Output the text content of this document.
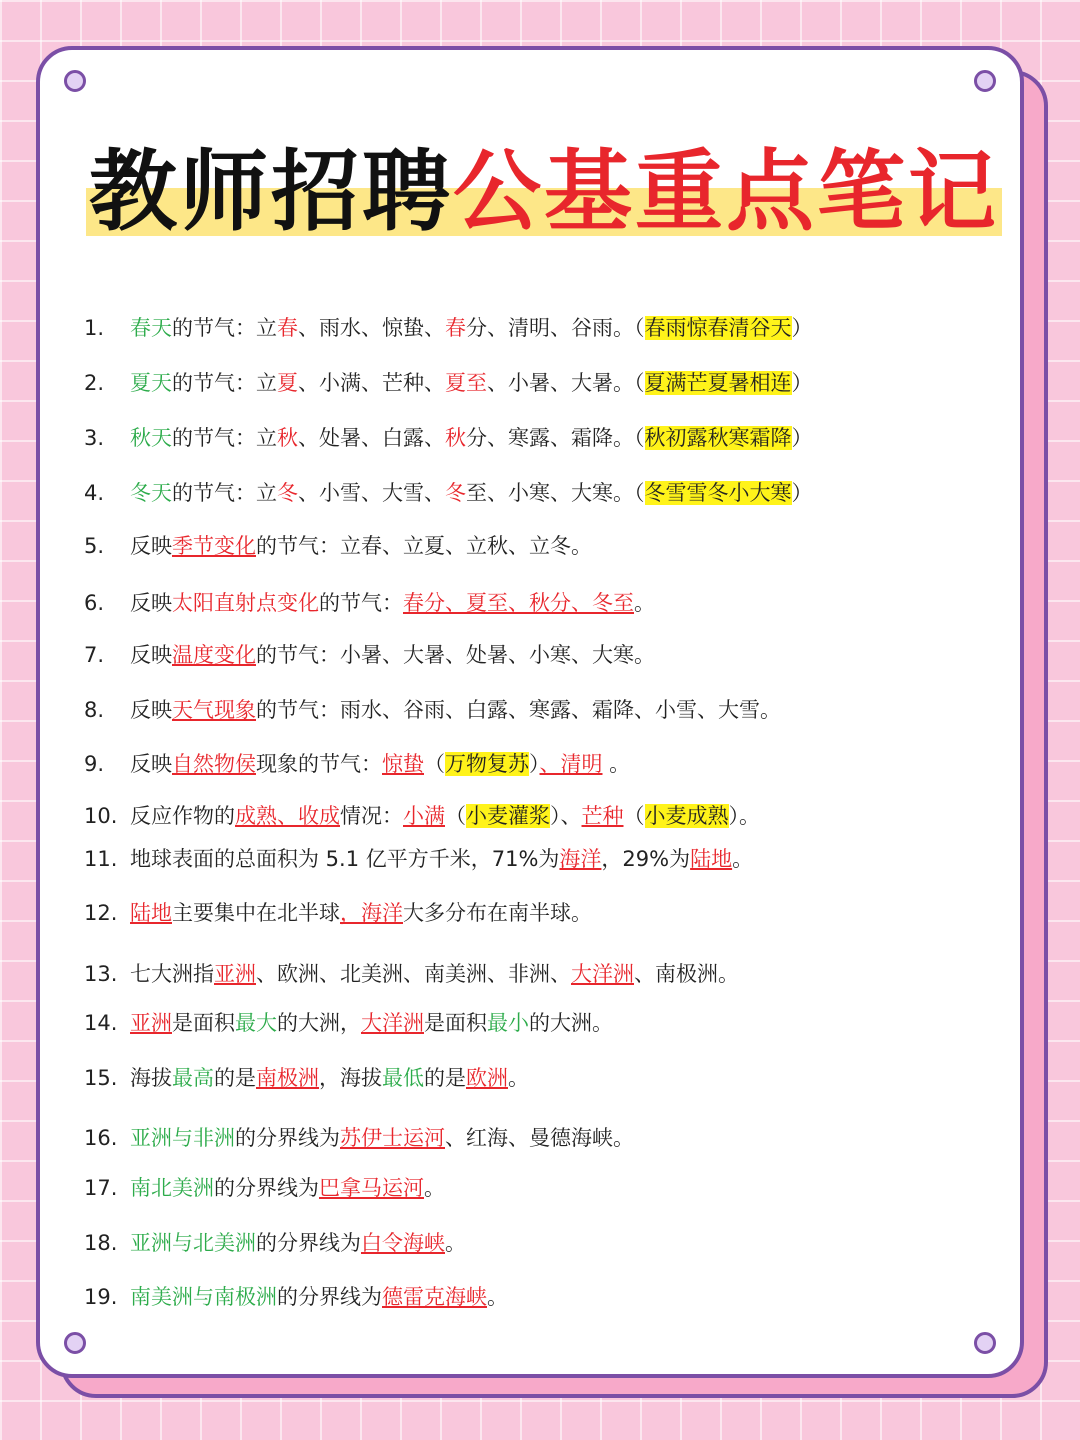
教师招聘公基重点笔记
1. 春天的节气：立春、雨水、惊蛰、春分、清明、谷雨。（春雨惊春清谷天）
2. 夏天的节气：立夏、小满、芒种、夏至、小暑、大暑。（夏满芒夏暑相连）
3. 秋天的节气：立秋、处暑、白露、秋分、寒露、霜降。（秋初露秋寒霜降）
4. 冬天的节气：立冬、小雪、大雪、冬至、小寒、大寒。（冬雪雪冬小大寒）
5. 反映季节变化的节气：立春、立夏、立秋、立冬。
6. 反映太阳直射点变化的节气：春分、夏至、秋分、冬至。
7. 反映温度变化的节气：小暑、大暑、处暑、小寒、大寒。
8. 反映天气现象的节气：雨水、谷雨、白露、寒露、霜降、小雪、大雪。
9. 反映自然物侯现象的节气：惊蛰（万物复苏）、清明 。
10. 反应作物的成熟、收成情况：小满（小麦灌浆）、芒种（小麦成熟）。
11. 地球表面的总面积为 5.1 亿平方千米，71%为海洋，29%为陆地。
12. 陆地主要集中在北半球，海洋大多分布在南半球。
13. 七大洲指亚洲、欧洲、北美洲、南美洲、非洲、大洋洲、南极洲。
14. 亚洲是面积最大的大洲，大洋洲是面积最小的大洲。
15. 海拔最高的是南极洲，海拔最低的是欧洲。
16. 亚洲与非洲的分界线为苏伊士运河、红海、曼德海峡。
17. 南北美洲的分界线为巴拿马运河。
18. 亚洲与北美洲的分界线为白令海峡。
19. 南美洲与南极洲的分界线为德雷克海峡。
